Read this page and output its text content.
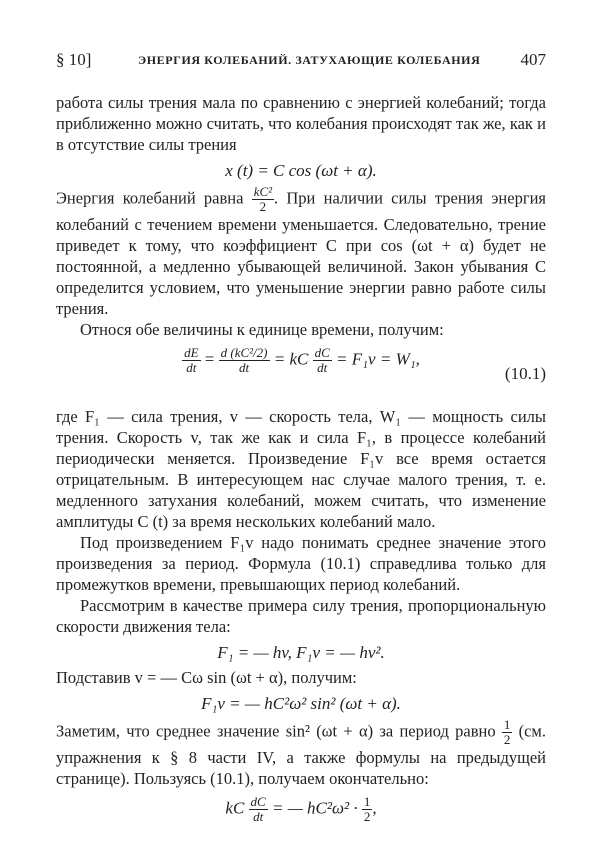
§ 10]	ЭНЕРГИЯ КОЛЕБАНИЙ. ЗАТУХАЮЩИЕ КОЛЕБАНИЯ 407

работа силы трения мала по сравнению с энергией колебаний; тогда приближенно можно считать, что колебания происходят так же, как и в отсутствие силы трения

x (t) = C cos (ωt + α).

Энергия колебаний равна $\frac{\text{kC²}}{2}$ . При наличии силы трения энергия колебаний с течением времени уменьшается. Следовательно, трение приведет к тому, что коэффициент C при cos (ωt + α) будет не постоянной, а медленно убывающей величиной. Закон убывания C определится условием, что уменьшение энергии равно работе силы трения.

Относя обе величины к единице времени, получим:

$\frac{dE}{dt} = \frac{\text{d (kC²/2)}}{dt}$ = kC $\frac{dC}{dt} = F_1v = W_1$,
(10.1)

где F₁ — сила трения, v — скорость тела, W₁ — мощность силы трения. Скорость v, так же как и сила F₁, в процессе колебаний периодически меняется. Произведение F₁v все время остается отрицательным. В интересующем нас случае малого трения, т. е. медленного затухания колебаний, можем считать, что изменение амплитуды C (t) за время нескольких колебаний мало.

Под произведением F₁v надо понимать среднее значение этого произведения за период. Формула (10.1) справедлива только для промежутков времени, превышающих период колебаний.

Рассмотрим в качестве примера силу трения, пропорциональную скорости движения тела:

F₁ = — hv, F₁v = — hv².

Подставив v = — Cω sin (ωt + α), получим:

F₁v = — hC²ω² sin² (ωt + α).

Заметим, что среднее значение sin² (ωt + α) за период равно $\frac{1}{2} (см$. упражнения к § 8 части IV, а также формулы на предыдущей странице). Пользуясь (10.1), получаем окончательно:

kC $\frac{dC}{dt}$ = — $hC^2\omega^2 \cdot \frac{1}{2}$ ,
